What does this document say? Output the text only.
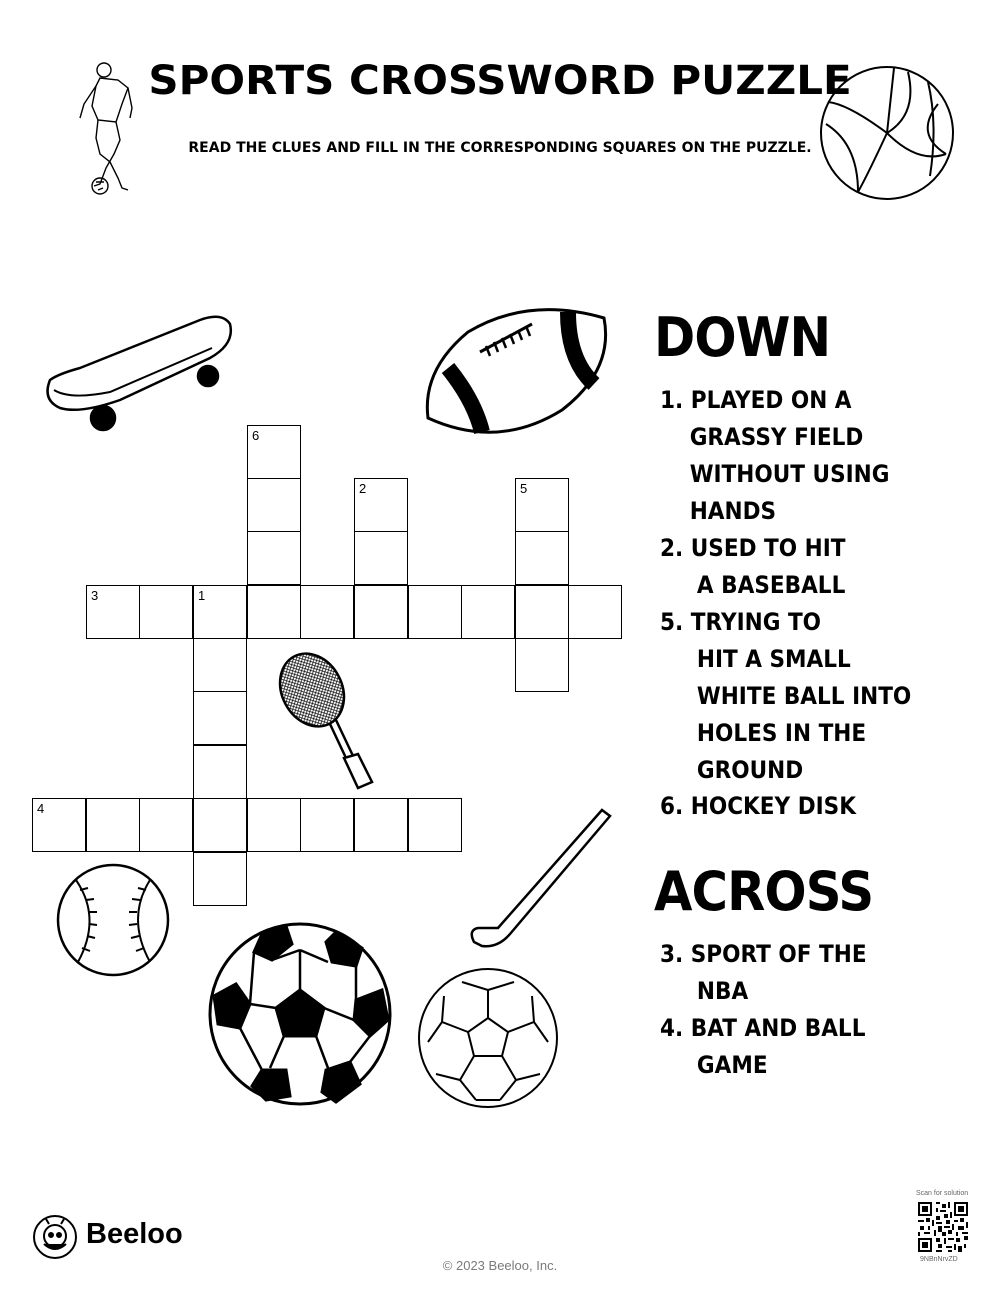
SPORTS CROSSWORD PUZZLE
READ THE CLUES AND FILL IN THE CORRESPONDING SQUARES ON THE PUZZLE.
6
2	5
3	1
4
DOWN
1. PLAYED ON A
GRASSY FIELD
WITHOUT USING
HANDS
2. USED TO HIT
A BASEBALL
5. TRYING TO
HIT A SMALL
WHITE BALL INTO
HOLES IN THE
GROUND
6. HOCKEY DISK
ACROSS
3. SPORT OF THE
NBA
4. BAT AND BALL
GAME
Beeloo
© 2023 Beeloo, Inc.
Scan for solution
9NBnNrvZD
